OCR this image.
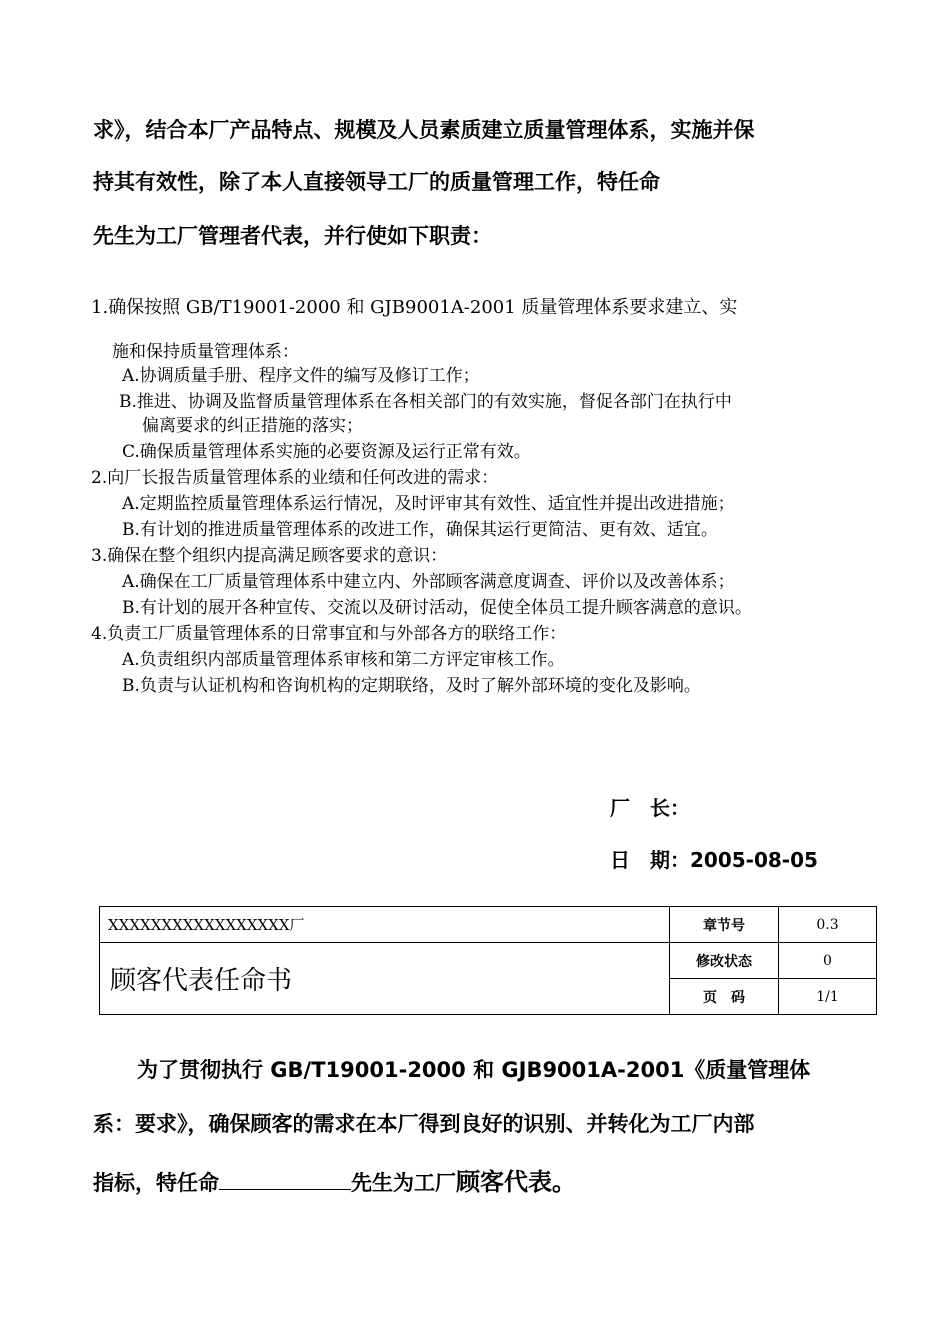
求》，结合本厂产品特点、规模及人员素质建立质量管理体系，实施并保
持其有效性，除了本人直接领导工厂的质量管理工作，特任命
先生为工厂管理者代表，并行使如下职责：
1.确保按照 GB/T19001-2000 和 GJB9001A-2001 质量管理体系要求建立、实
施和保持质量管理体系：
A.协调质量手册、程序文件的编写及修订工作；
B.推进、协调及监督质量管理体系在各相关部门的有效实施，督促各部门在执行中
偏离要求的纠正措施的落实；
C.确保质量管理体系实施的必要资源及运行正常有效。
2.向厂长报告质量管理体系的业绩和任何改进的需求：
A.定期监控质量管理体系运行情况，及时评审其有效性、适宜性并提出改进措施；
B.有计划的推进质量管理体系的改进工作，确保其运行更简洁、更有效、适宜。
3.确保在整个组织内提高满足顾客要求的意识：
A.确保在工厂质量管理体系中建立内、外部顾客满意度调查、评价以及改善体系；
B.有计划的展开各种宣传、交流以及研讨活动，促使全体员工提升顾客满意的意识。
4.负责工厂质量管理体系的日常事宜和与外部各方的联络工作：
A.负责组织内部质量管理体系审核和第二方评定审核工作。
B.负责与认证机构和咨询机构的定期联络，及时了解外部环境的变化及影响。
厂　长：
日　期：2005-08-05
XXXXXXXXXXXXXXXXX厂	章节号	0.3
顾客代表任命书	修改状态	0
	页　码	1/1
为了贯彻执行 GB/T19001-2000 和 GJB9001A-2001《质量管理体
系：要求》，确保顾客的需求在本厂得到良好的识别、并转化为工厂内部
指标，特任命	先生为工厂顾客代表。
